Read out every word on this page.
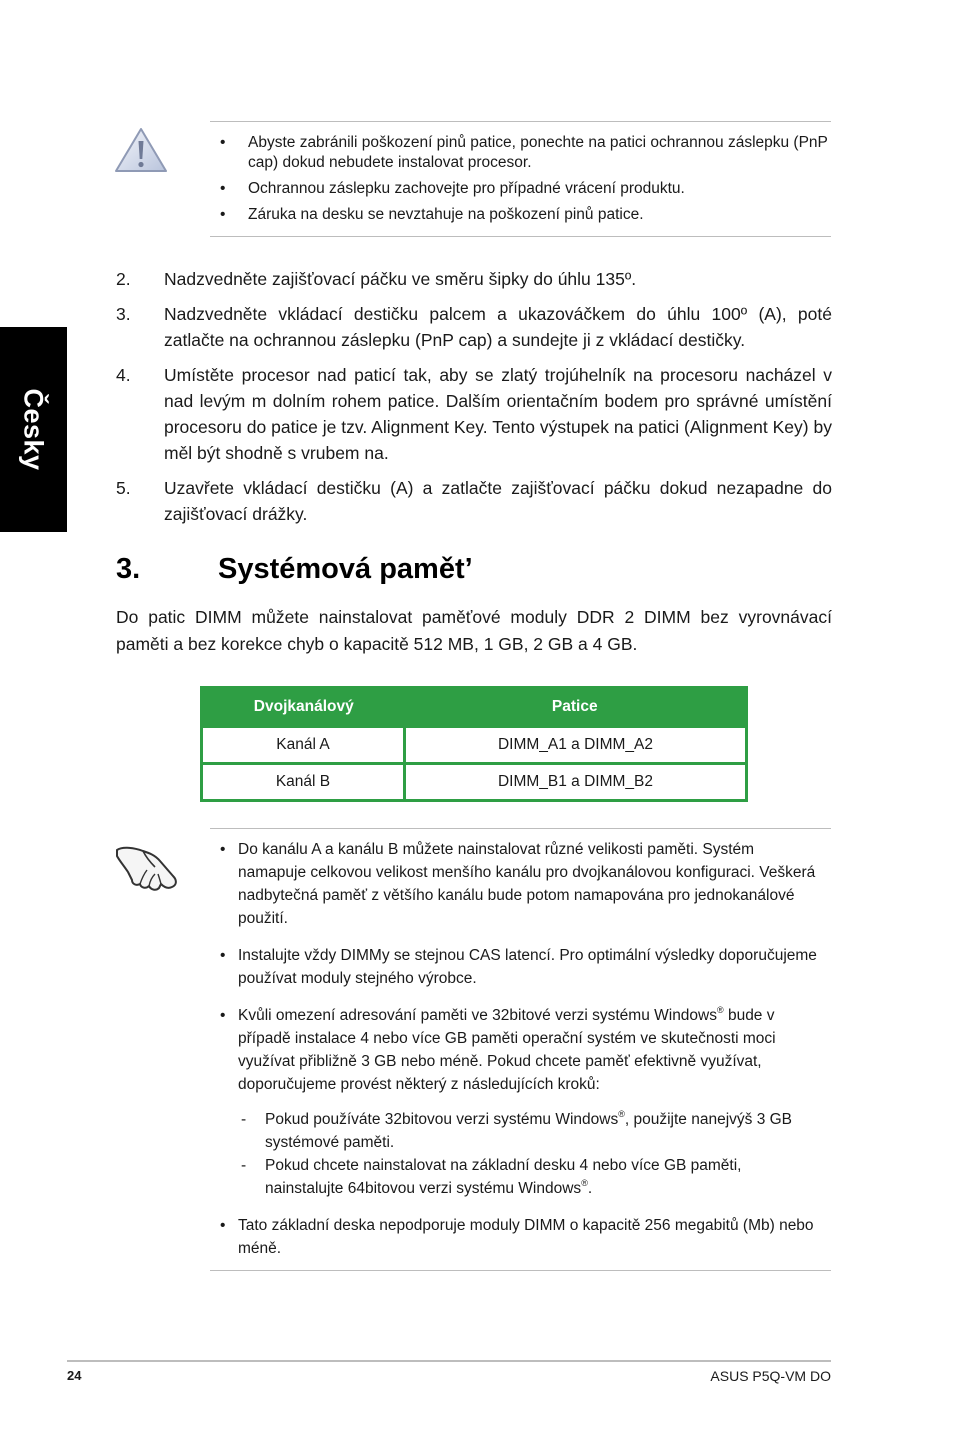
Česky
• Abyste zabránili poškození pinů patice, ponechte na patici ochrannou záslepku (PnP cap) dokud nebudete instalovat procesor.
• Ochrannou záslepku zachovejte pro případné vrácení produktu.
• Záruka na desku se nevztahuje na poškození pinů patice.
2.	Nadzvedněte zajišťovací páčku ve směru šipky do úhlu 135º.
3.	Nadzvedněte vkládací destičku palcem a ukazováčkem do úhlu 100º (A), poté zatlačte na ochrannou záslepku (PnP cap) a sundejte ji z vkládací destičky.
4.	Umístěte procesor nad paticí tak, aby se zlatý trojúhelník na procesoru nacházel v nad levým m dolním rohem patice. Dalším orientačním bodem pro správné umístění procesoru do patice je tzv. Alignment Key. Tento výstupek na patici (Alignment Key) by měl být shodně s vrubem na.
5.	Uzavřete vkládací destičku (A) a zatlačte zajišťovací páčku dokud nezapadne do zajišťovací drážky.
3.	Systémová pamět’

Do patic DIMM můžete nainstalovat paměťové moduly DDR 2 DIMM bez vyrovnávací paměti a bez korekce chyb o kapacitě 512 MB, 1 GB, 2 GB a 4 GB.

Dvojkanálový	Patice
Kanál A	DIMM_A1 a DIMM_A2
Kanál B	DIMM_B1 a DIMM_B2
• Do kanálu A a kanálu B můžete nainstalovat různé velikosti paměti. Systém namapuje celkovou velikost menšího kanálu pro dvojkanálovou konfiguraci. Veškerá nadbytečná paměť z většího kanálu bude potom namapována pro jednokanálové použití.
• Instalujte vždy DIMMy se stejnou CAS latencí. Pro optimální výsledky doporučujeme používat moduly stejného výrobce.
• Kvůli omezení adresování paměti ve 32bitové verzi systému Windows® bude v případě instalace 4 nebo více GB paměti operační systém ve skutečnosti moci využívat přibližně 3 GB nebo méně. Pokud chcete paměť efektivně využívat, doporučujeme provést některý z následujících kroků:
- Pokud používáte 32bitovou verzi systému Windows®, použijte nanejvýš 3 GB systémové paměti.
- Pokud chcete nainstalovat na základní desku 4 nebo více GB paměti, nainstalujte 64bitovou verzi systému Windows®.
• Tato základní deska nepodporuje moduly DIMM o kapacitě 256 megabitů (Mb) nebo méně.
24	ASUS P5Q-VM DO
